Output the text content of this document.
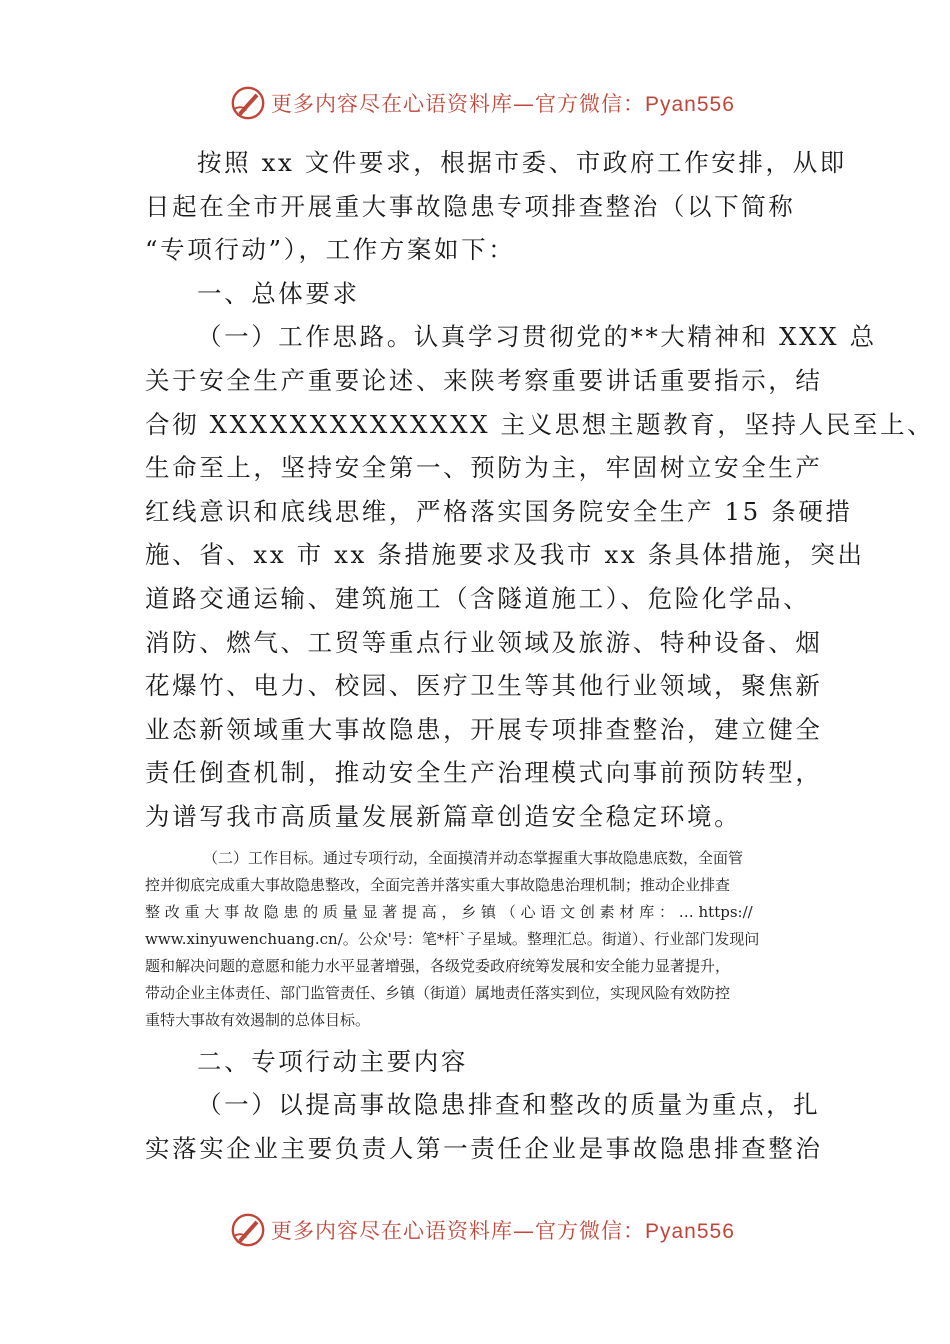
更多内容尽在心语资料库—官方微信：Pyan556

按照 xx 文件要求，根据市委、市政府工作安排，从即
日起在全市开展重大事故隐患专项排查整治（以下简称
“专项行动”），工作方案如下：

一、总体要求

（一）工作思路。认真学习贯彻党的**大精神和 XXX 总
关于安全生产重要论述、来陕考察重要讲话重要指示，结
合彻 XXXXXXXXXXXXXX 主义思想主题教育，坚持人民至上、
生命至上，坚持安全第一、预防为主，牢固树立安全生产
红线意识和底线思维，严格落实国务院安全生产 15 条硬措
施、省、xx 市 xx 条措施要求及我市 xx 条具体措施，突出
道路交通运输、建筑施工（含隧道施工）、危险化学品、
消防、燃气、工贸等重点行业领域及旅游、特种设备、烟
花爆竹、电力、校园、医疗卫生等其他行业领域，聚焦新
业态新领域重大事故隐患，开展专项排查整治，建立健全
责任倒查机制，推动安全生产治理模式向事前预防转型，
为谱写我市高质量发展新篇章创造安全稳定环境。

（二）工作目标。通过专项行动，全面摸清并动态掌握重大事故隐患底数，全面管
控并彻底完成重大事故隐患整改，全面完善并落实重大事故隐患治理机制；推动企业排查
整 改 重 大 事 故 隐 患 的 质 量 显 著 提 高 ， 乡 镇 （ 心 语 文 创 素 材 库 ： … https://
www.xinyuwenchuang.cn/。公众'号：笔*杆`子星域。整理汇总。街道）、行业部门发现问
题和解决问题的意愿和能力水平显著增强，各级党委政府统筹发展和安全能力显著提升，
带动企业主体责任、部门监管责任、乡镇（街道）属地责任落实到位，实现风险有效防控
重特大事故有效遏制的总体目标。

二、专项行动主要内容

（一）以提高事故隐患排查和整改的质量为重点，扎
实落实企业主要负责人第一责任企业是事故隐患排查整治

更多内容尽在心语资料库—官方微信：Pyan556
